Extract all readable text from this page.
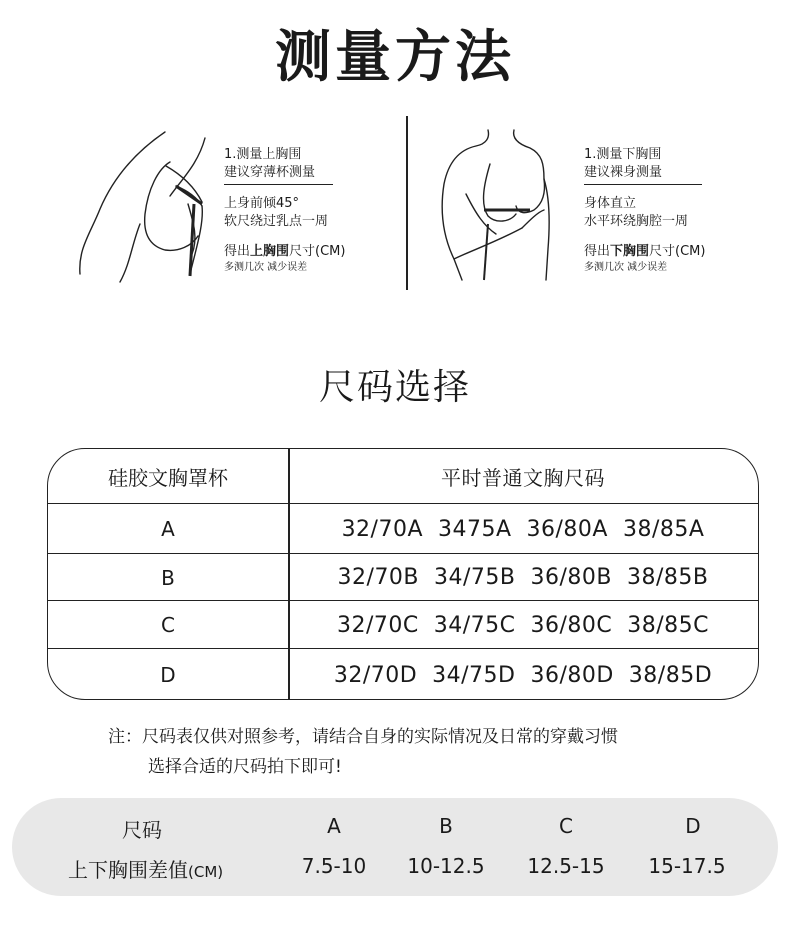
测量方法
1.测量上胸围
建议穿薄杯测量
上身前倾45°
软尺绕过乳点一周
得出上胸围尺寸(CM)
多测几次 减少误差
1.测量下胸围
建议裸身测量
身体直立
水平环绕胸腔一周
得出下胸围尺寸(CM)
多测几次 减少误差
尺码选择
硅胶文胸罩杯	平时普通文胸尺码
A	32/70A  3475A  36/80A  38/85A
B	32/70B  34/75B  36/80B  38/85B
C	32/70C  34/75C  36/80C  38/85C
D	32/70D  34/75D  36/80D  38/85D
注：尺码表仅供对照参考，请结合自身的实际情况及日常的穿戴习惯
选择合适的尺码拍下即可!
尺码	A	B	C	D
上下胸围差值(CM)	7.5-10	10-12.5	12.5-15	15-17.5
